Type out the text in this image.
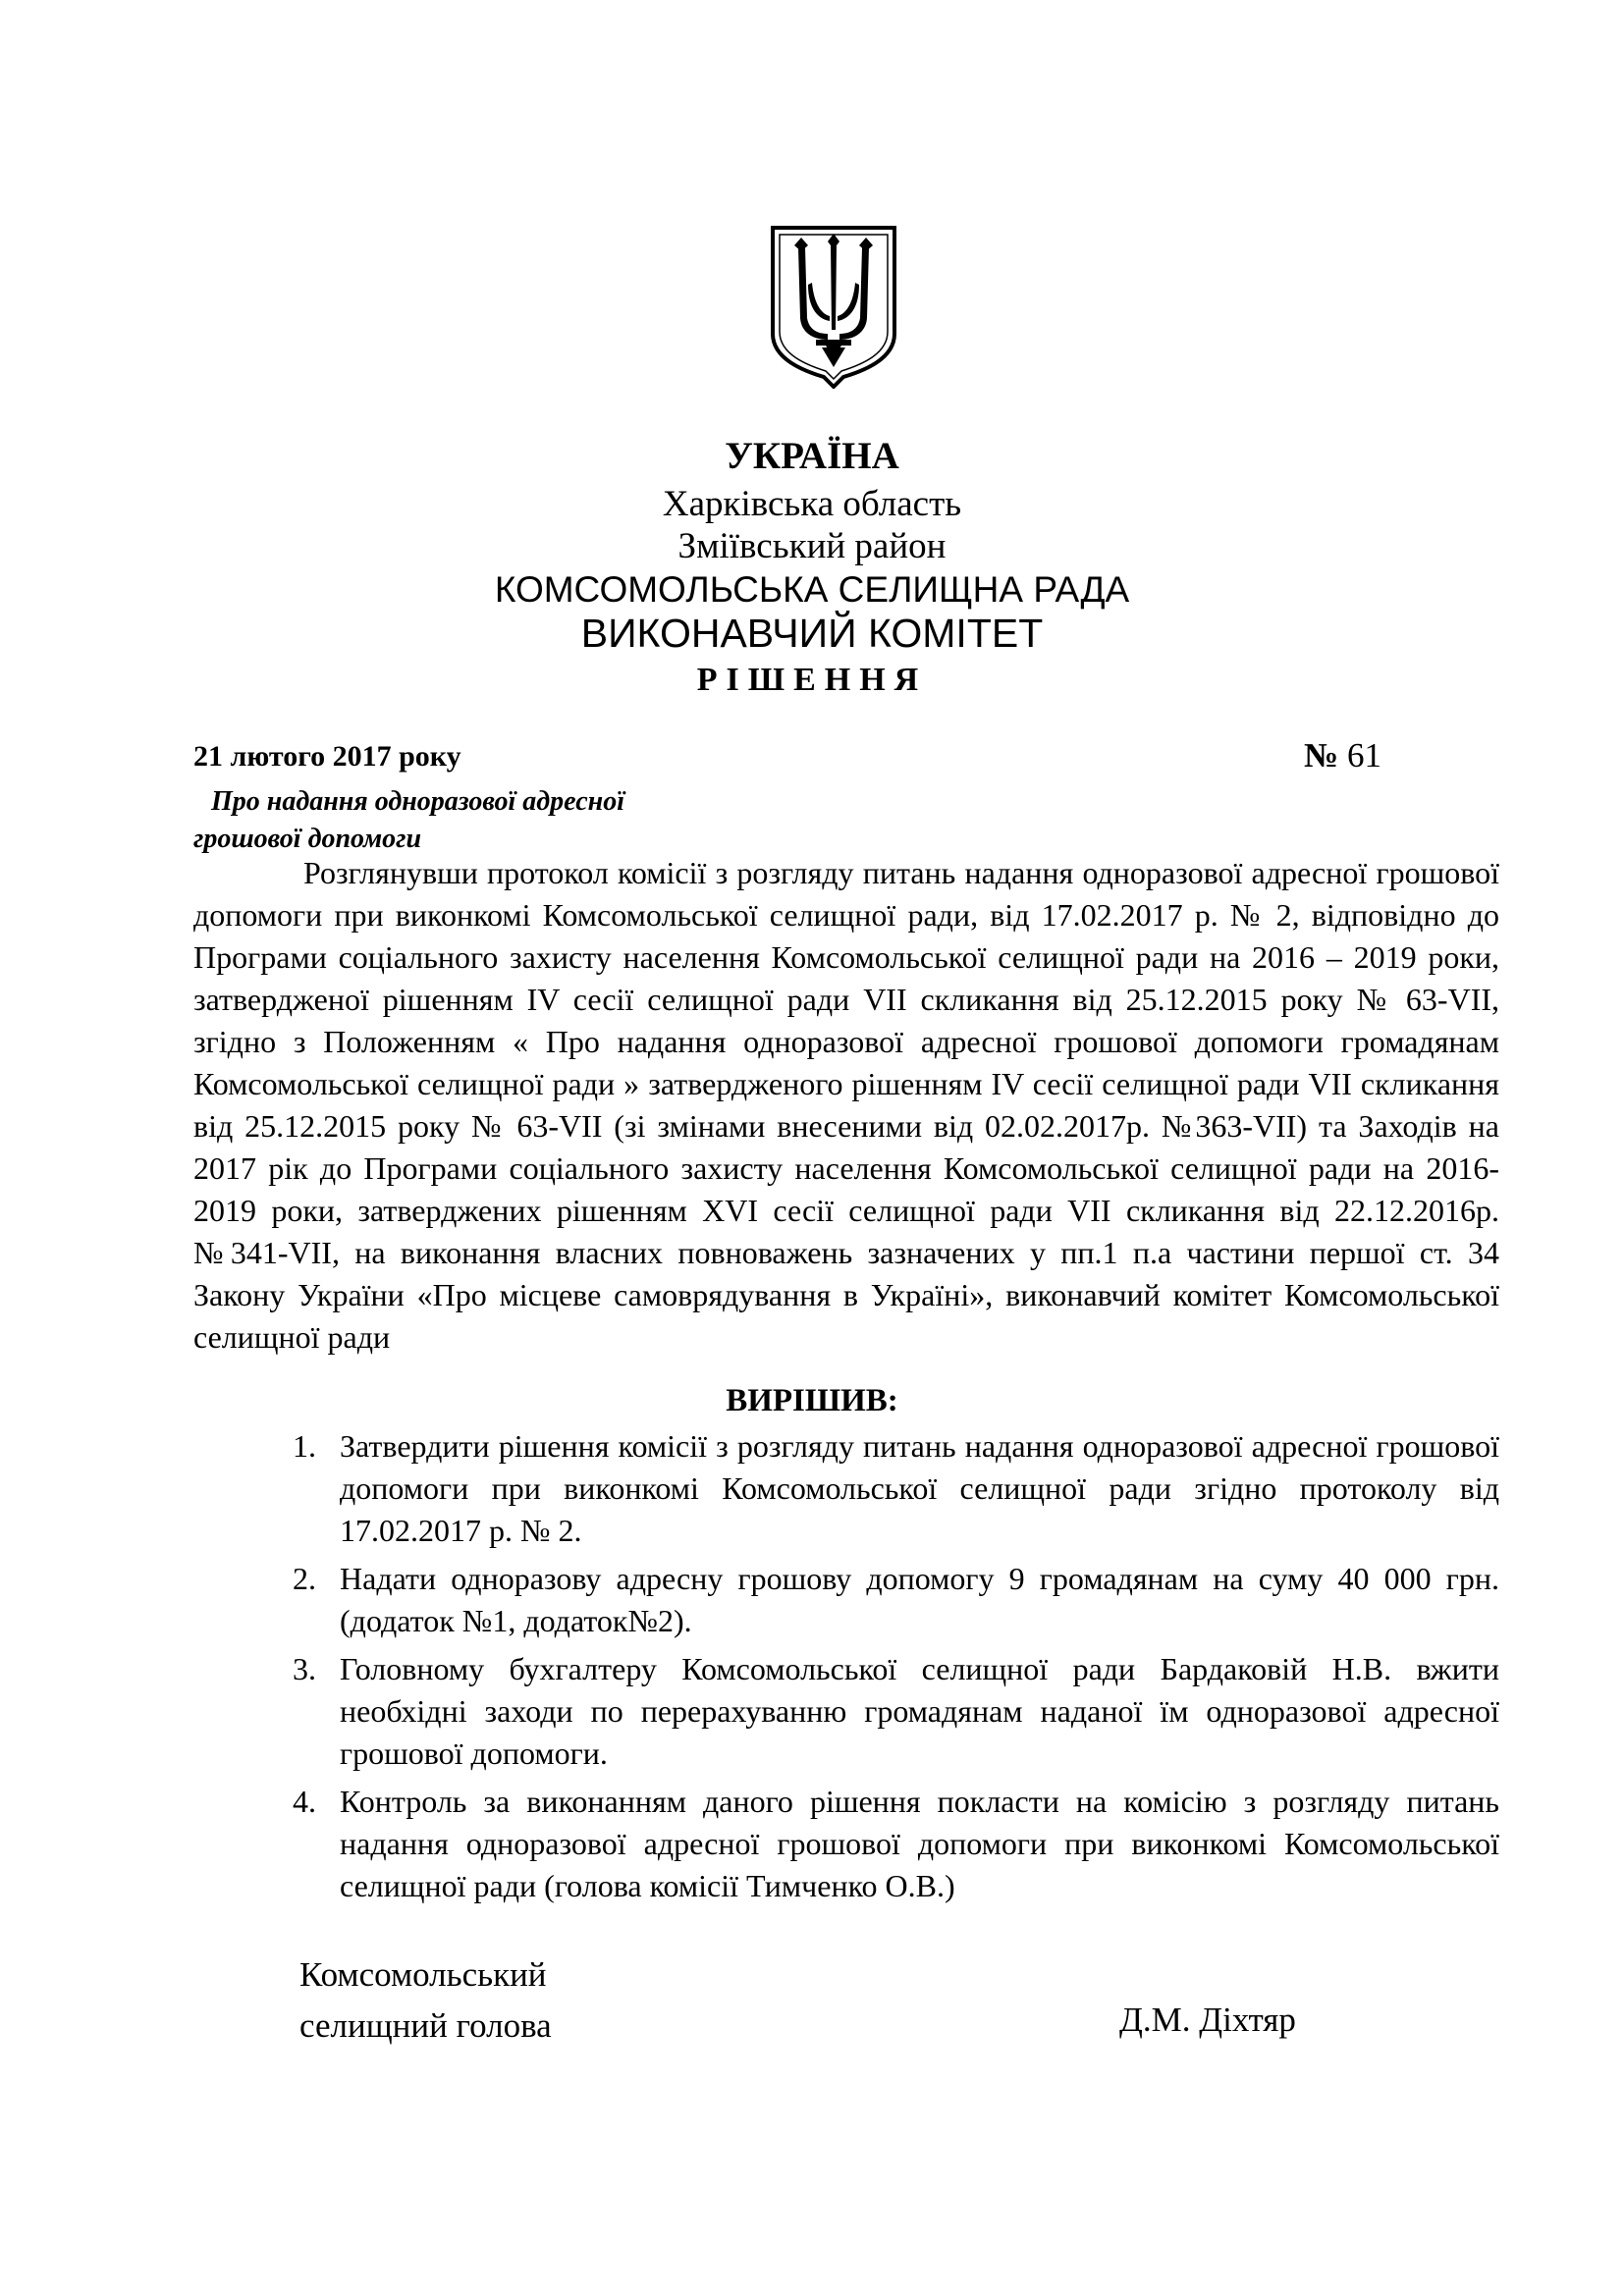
УКРАЇНА
Харківська область
Зміївський район
КОМСОМОЛЬСЬКА СЕЛИЩНА РАДА
ВИКОНАВЧИЙ КОМІТЕТ
РІШЕННЯ
21 лютого 2017 року	№ 61
Про надання одноразової адресної
грошової допомоги
Розглянувши протокол комісії з розгляду питань надання одноразової адресної грошової допомоги при виконкомі Комсомольської селищної ради, від 17.02.2017 р. № 2, відповідно до Програми соціального захисту населення Комсомольської селищної ради на 2016 – 2019 роки, затвердженої рішенням IV сесії селищної ради VII скликання від 25.12.2015 року № 63-VII, згідно з Положенням « Про надання одноразової адресної грошової допомоги громадянам Комсомольської селищної ради » затвердженого рішенням IV сесії селищної ради VII скликання від 25.12.2015 року № 63-VII (зі змінами внесеними від 02.02.2017р. №363-VII) та Заходів на 2017 рік до Програми соціального захисту населення Комсомольської селищної ради на 2016-2019 роки, затверджених рішенням XVI сесії селищної ради VII скликання від 22.12.2016р. №341-VII, на виконання власних повноважень зазначених у пп.1 п.а частини першої ст. 34 Закону України «Про місцеве самоврядування в Україні», виконавчий комітет Комсомольської селищної ради
ВИРІШИВ:
1. Затвердити рішення комісії з розгляду питань надання одноразової адресної грошової допомоги при виконкомі Комсомольської селищної ради згідно протоколу від 17.02.2017 р. № 2.
2. Надати одноразову адресну грошову допомогу 9 громадянам на суму 40 000 грн. (додаток №1, додаток№2).
3. Головному бухгалтеру Комсомольської селищної ради Бардаковій Н.В. вжити необхідні заходи по перерахуванню громадянам наданої їм одноразової адресної грошової допомоги.
4. Контроль за виконанням даного рішення покласти на комісію з розгляду питань надання одноразової адресної грошової допомоги при виконкомі Комсомольської селищної ради (голова комісії Тимченко О.В.)
Комсомольський
селищний голова	Д.М. Діхтяр
